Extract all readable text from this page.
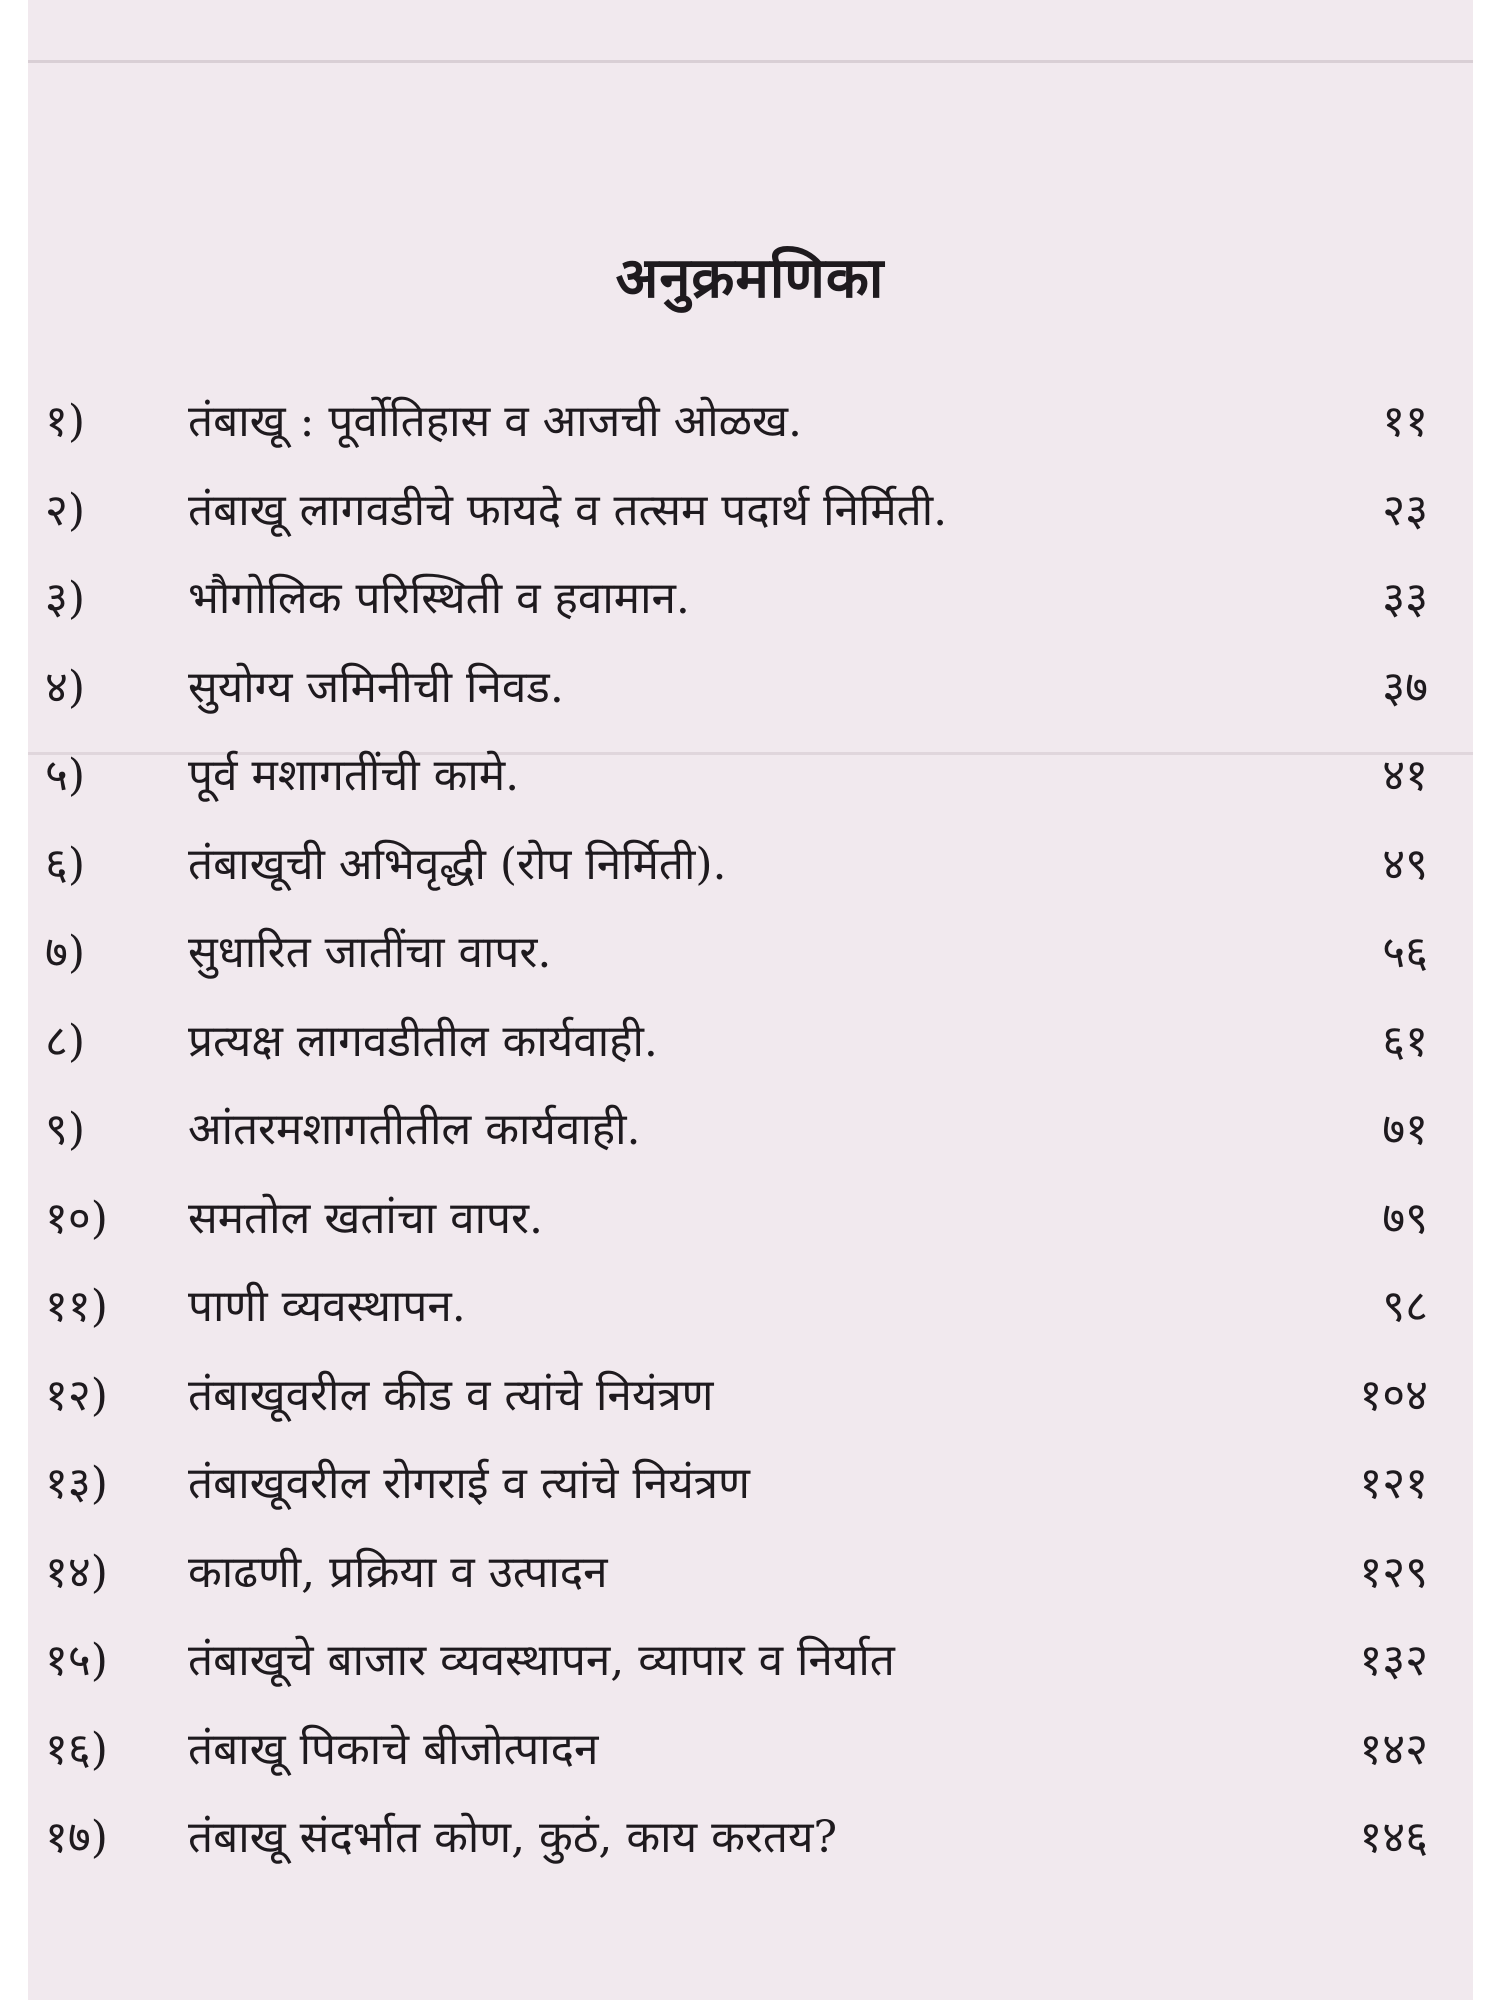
अनुक्रमणिका
१) तंबाखू : पूर्वोतिहास व आजची ओळख.	११
२) तंबाखू लागवडीचे फायदे व तत्सम पदार्थ निर्मिती.	२३
३) भौगोलिक परिस्थिती व हवामान.	३३
४) सुयोग्य जमिनीची निवड.	३७
५) पूर्व मशागतींची कामे.	४१
६) तंबाखूची अभिवृद्धी (रोप निर्मिती).	४९
७) सुधारित जातींचा वापर.	५६
८) प्रत्यक्ष लागवडीतील कार्यवाही.	६१
९) आंतरमशागतीतील कार्यवाही.	७१
१०) समतोल खतांचा वापर.	७९
११) पाणी व्यवस्थापन.	९८
१२) तंबाखूवरील कीड व त्यांचे नियंत्रण	१०४
१३) तंबाखूवरील रोगराई व त्यांचे नियंत्रण	१२१
१४) काढणी, प्रक्रिया व उत्पादन	१२९
१५) तंबाखूचे बाजार व्यवस्थापन, व्यापार व निर्यात	१३२
१६) तंबाखू पिकाचे बीजोत्पादन	१४२
१७) तंबाखू संदर्भात कोण, कुठं, काय करतय?	१४६
